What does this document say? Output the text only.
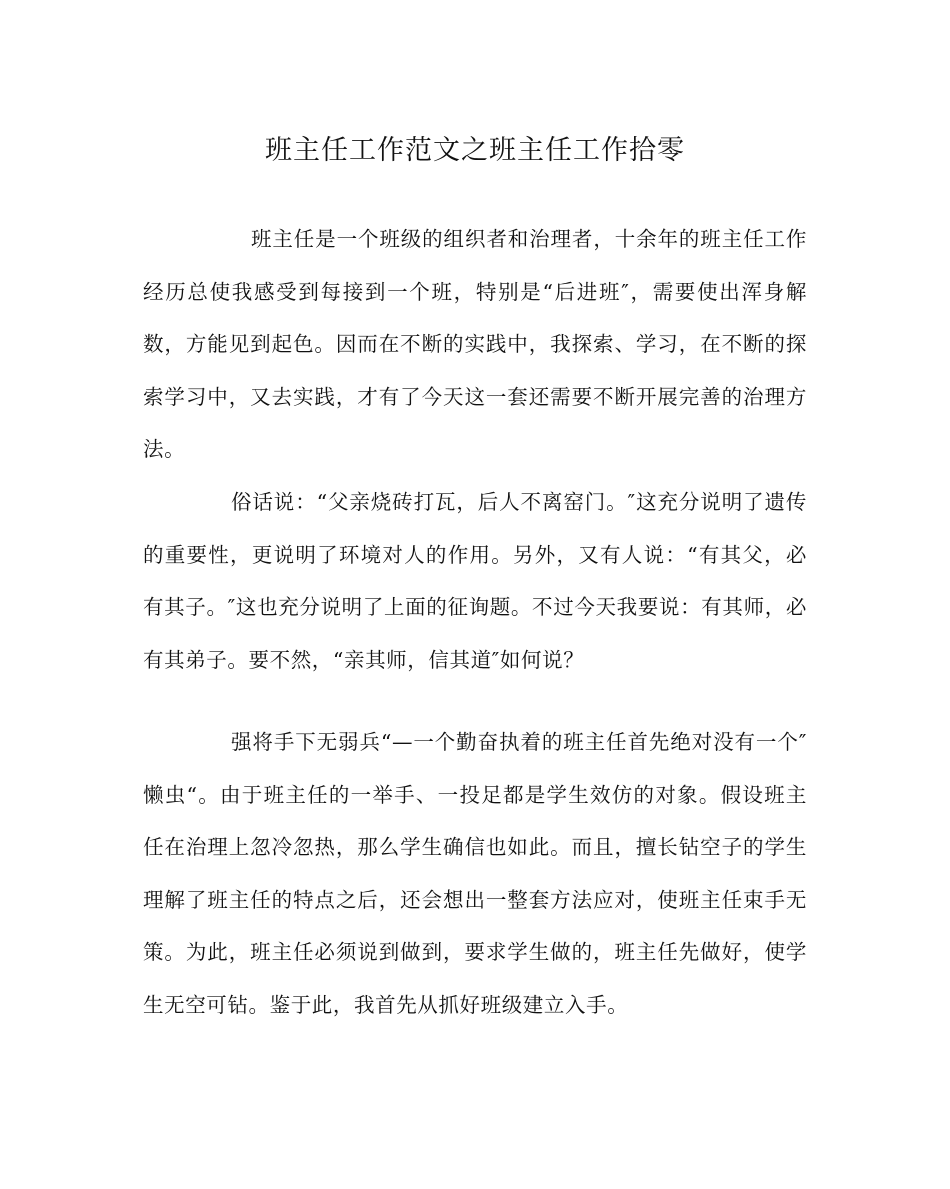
班主任工作范文之班主任工作拾零

班主任是一个班级的组织者和治理者，十余年的班主任工作经历总使我感受到每接到一个班，特别是“后进班″，需要使出浑身解数，方能见到起色。因而在不断的实践中，我探索、学习，在不断的探索学习中，又去实践，才有了今天这一套还需要不断开展完善的治理方法。

俗话说：“父亲烧砖打瓦，后人不离窑门。″这充分说明了遗传的重要性，更说明了环境对人的作用。另外，又有人说：“有其父，必有其子。″这也充分说明了上面的征询题。不过今天我要说：有其师，必有其弟子。要不然，“亲其师，信其道″如何说？

强将手下无弱兵“—一个勤奋执着的班主任首先绝对没有一个″懒虫“。由于班主任的一举手、一投足都是学生效仿的对象。假设班主任在治理上忽冷忽热，那么学生确信也如此。而且，擅长钻空子的学生理解了班主任的特点之后，还会想出一整套方法应对，使班主任束手无策。为此，班主任必须说到做到，要求学生做的，班主任先做好，使学生无空可钻。鉴于此，我首先从抓好班级建立入手。
